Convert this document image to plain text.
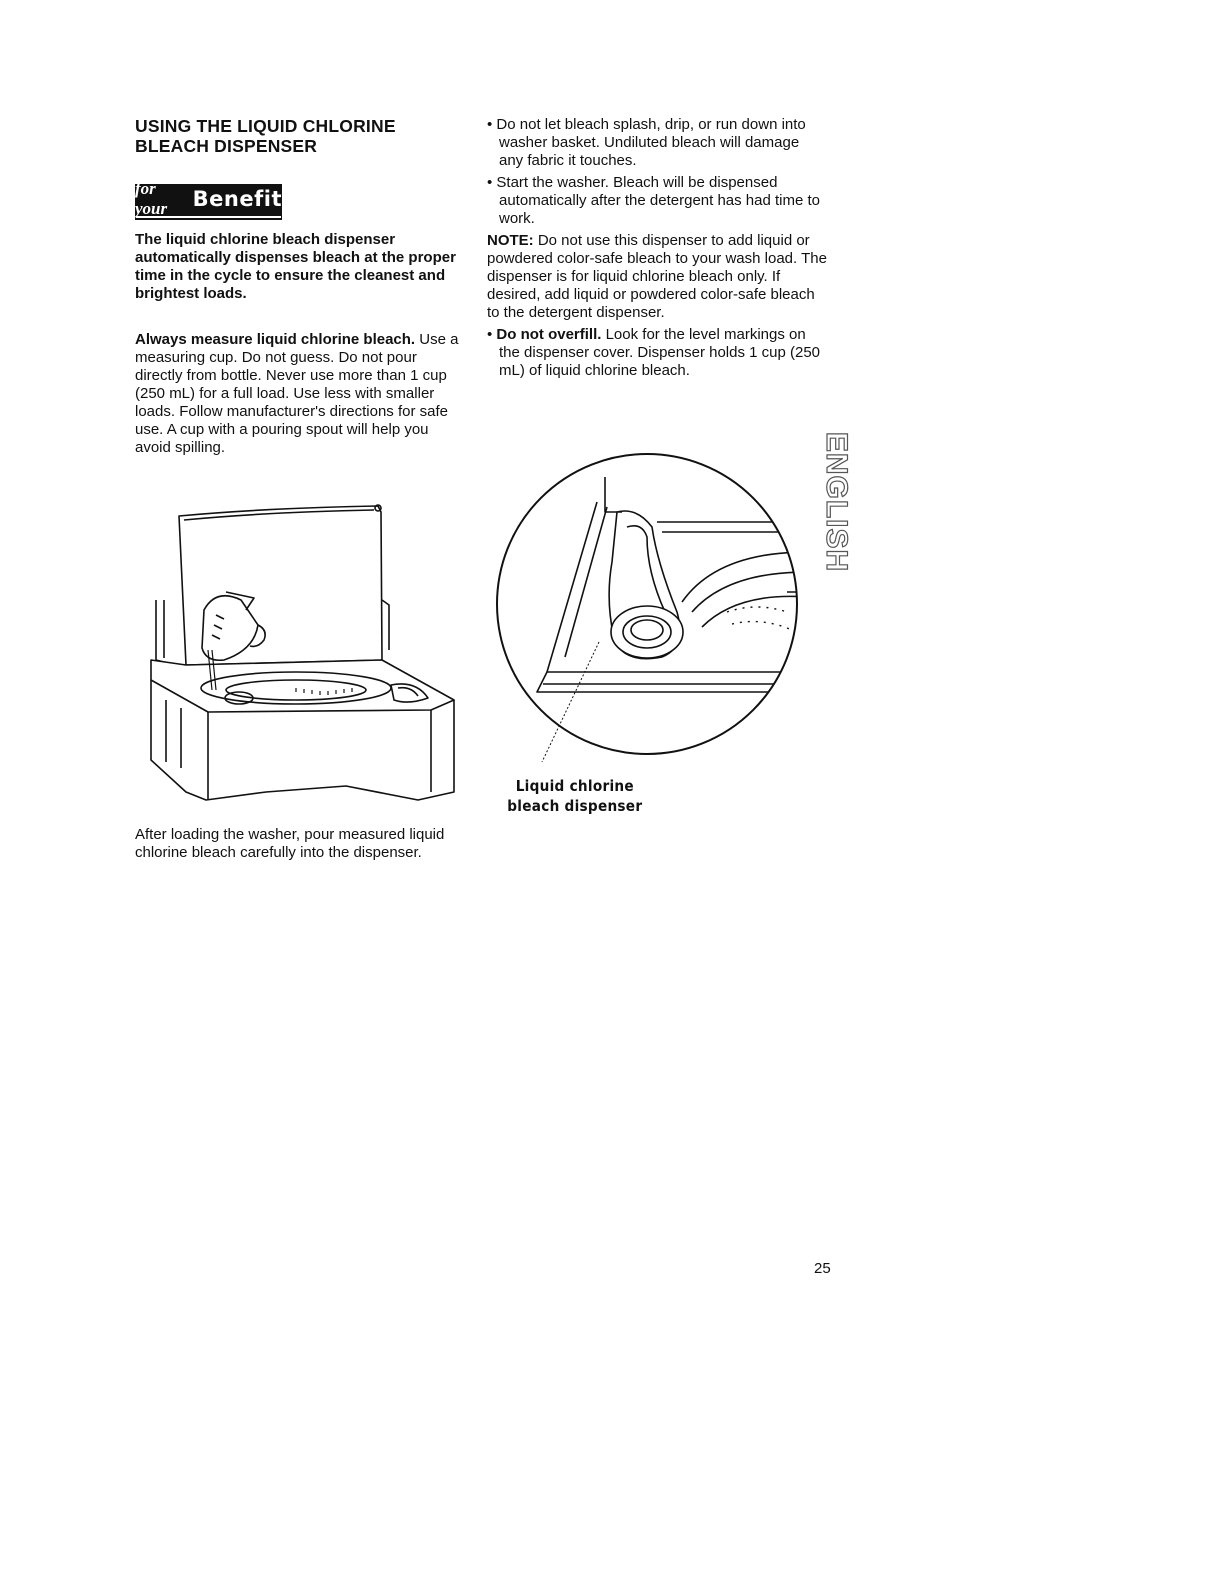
USING THE LIQUID CHLORINE
BLEACH DISPENSER
for your	Benefit

The liquid chlorine bleach dispenser automatically dispenses bleach at the proper time in the cycle to ensure the cleanest and brightest loads.

Always measure liquid chlorine bleach. Use a measuring cup. Do not guess. Do not pour directly from bottle. Never use more than 1 cup (250 mL) for a full load. Use less with smaller loads. Follow manufacturer's directions for safe use. A cup with a pouring spout will help you avoid spilling.

After loading the washer, pour measured liquid chlorine bleach carefully into the dispenser.

• Do not let bleach splash, drip, or run down into washer basket. Undiluted bleach will damage any fabric it touches.

• Start the washer. Bleach will be dispensed automatically after the detergent has had time to work.

NOTE: Do not use this dispenser to add liquid or powdered color-safe bleach to your wash load. The dispenser is for liquid chlorine bleach only. If desired, add liquid or powdered color-safe bleach to the detergent dispenser.

• Do not overfill. Look for the level markings on the dispenser cover. Dispenser holds 1 cup (250 mL) of liquid chlorine bleach.

Liquid chlorine
bleach dispenser
ENGLISH
25
